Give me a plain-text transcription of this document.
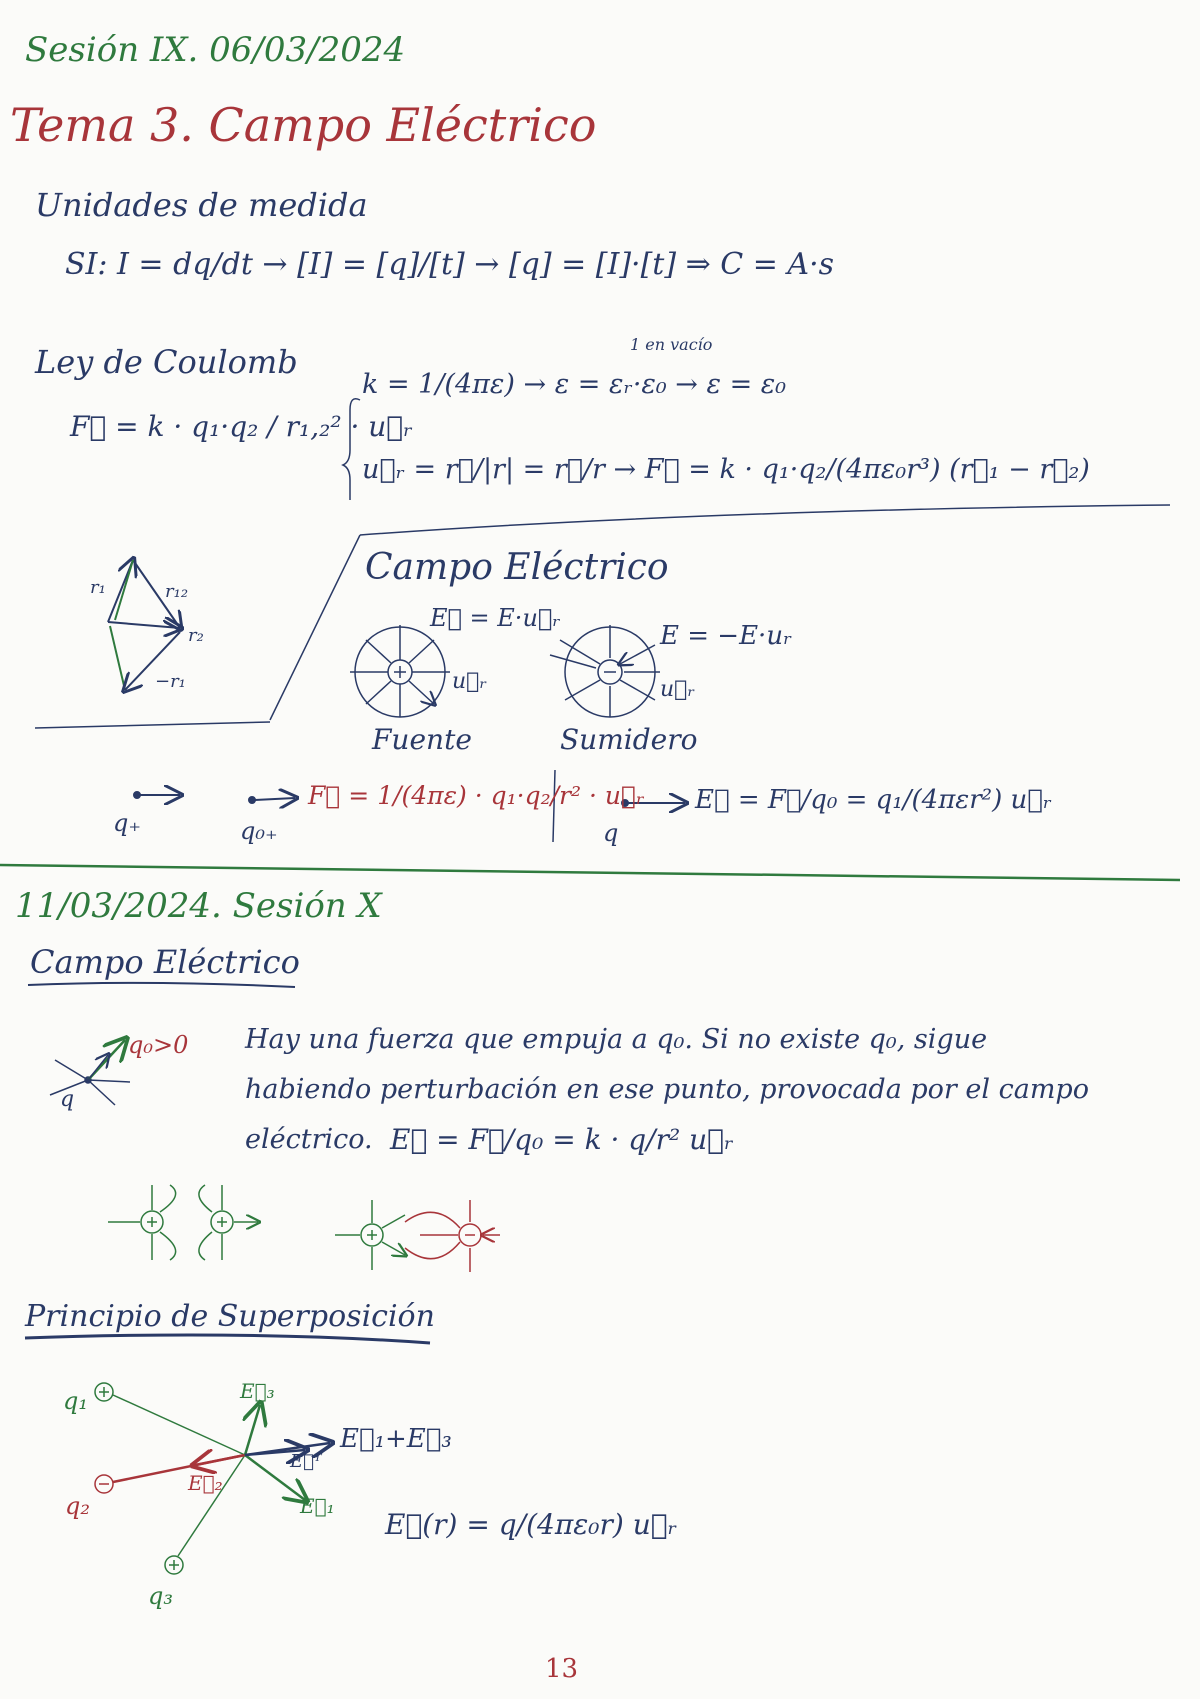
Sesión IX. 06/03/2024
Tema 3. Campo Eléctrico
Unidades de medida
SI: I = dq/dt → [I] = [q]/[t] → [q] = [I]·[t] ⇒ C = A·s
Ley de Coulomb	1 en vacío
F⃗ = k · q₁·q₂ / r₁,₂² · u⃗ᵣ
k = 1/(4πε) → ε = εᵣ·ε₀ → ε = ε₀
u⃗ᵣ = r⃗/|r| = r⃗/r → F⃗ = k · q₁·q₂/(4πε₀r³) (r⃗₁ − r⃗₂)
r₁	r₁₂
r₂
−r₁
Campo Eléctrico
E⃗ = E·u⃗ᵣ
E = −E·uᵣ
u⃗ᵣ	u⃗ᵣ
Fuente	Sumidero
q₊	q₀₊
F⃗ = 1/(4πε) · q₁·q₂/r² · u⃗ᵣ
q
E⃗ = F⃗/q₀ = q₁/(4πεr²) u⃗ᵣ
11/03/2024. Sesión X
Campo Eléctrico
q₀>0
q
Hay una fuerza que empuja a q₀. Si no existe q₀, sigue
habiendo perturbación en ese punto, provocada por el campo
eléctrico. E⃗ = F⃗/q₀ = k · q/r² u⃗ᵣ
Principio de Superposición
q₁
q₂
q₃
E⃗₃
E⃗₂
E⃗₁
E⃗ᵀ
E⃗₁+E⃗₃
E⃗(r) = q/(4πε₀r) u⃗ᵣ
13
